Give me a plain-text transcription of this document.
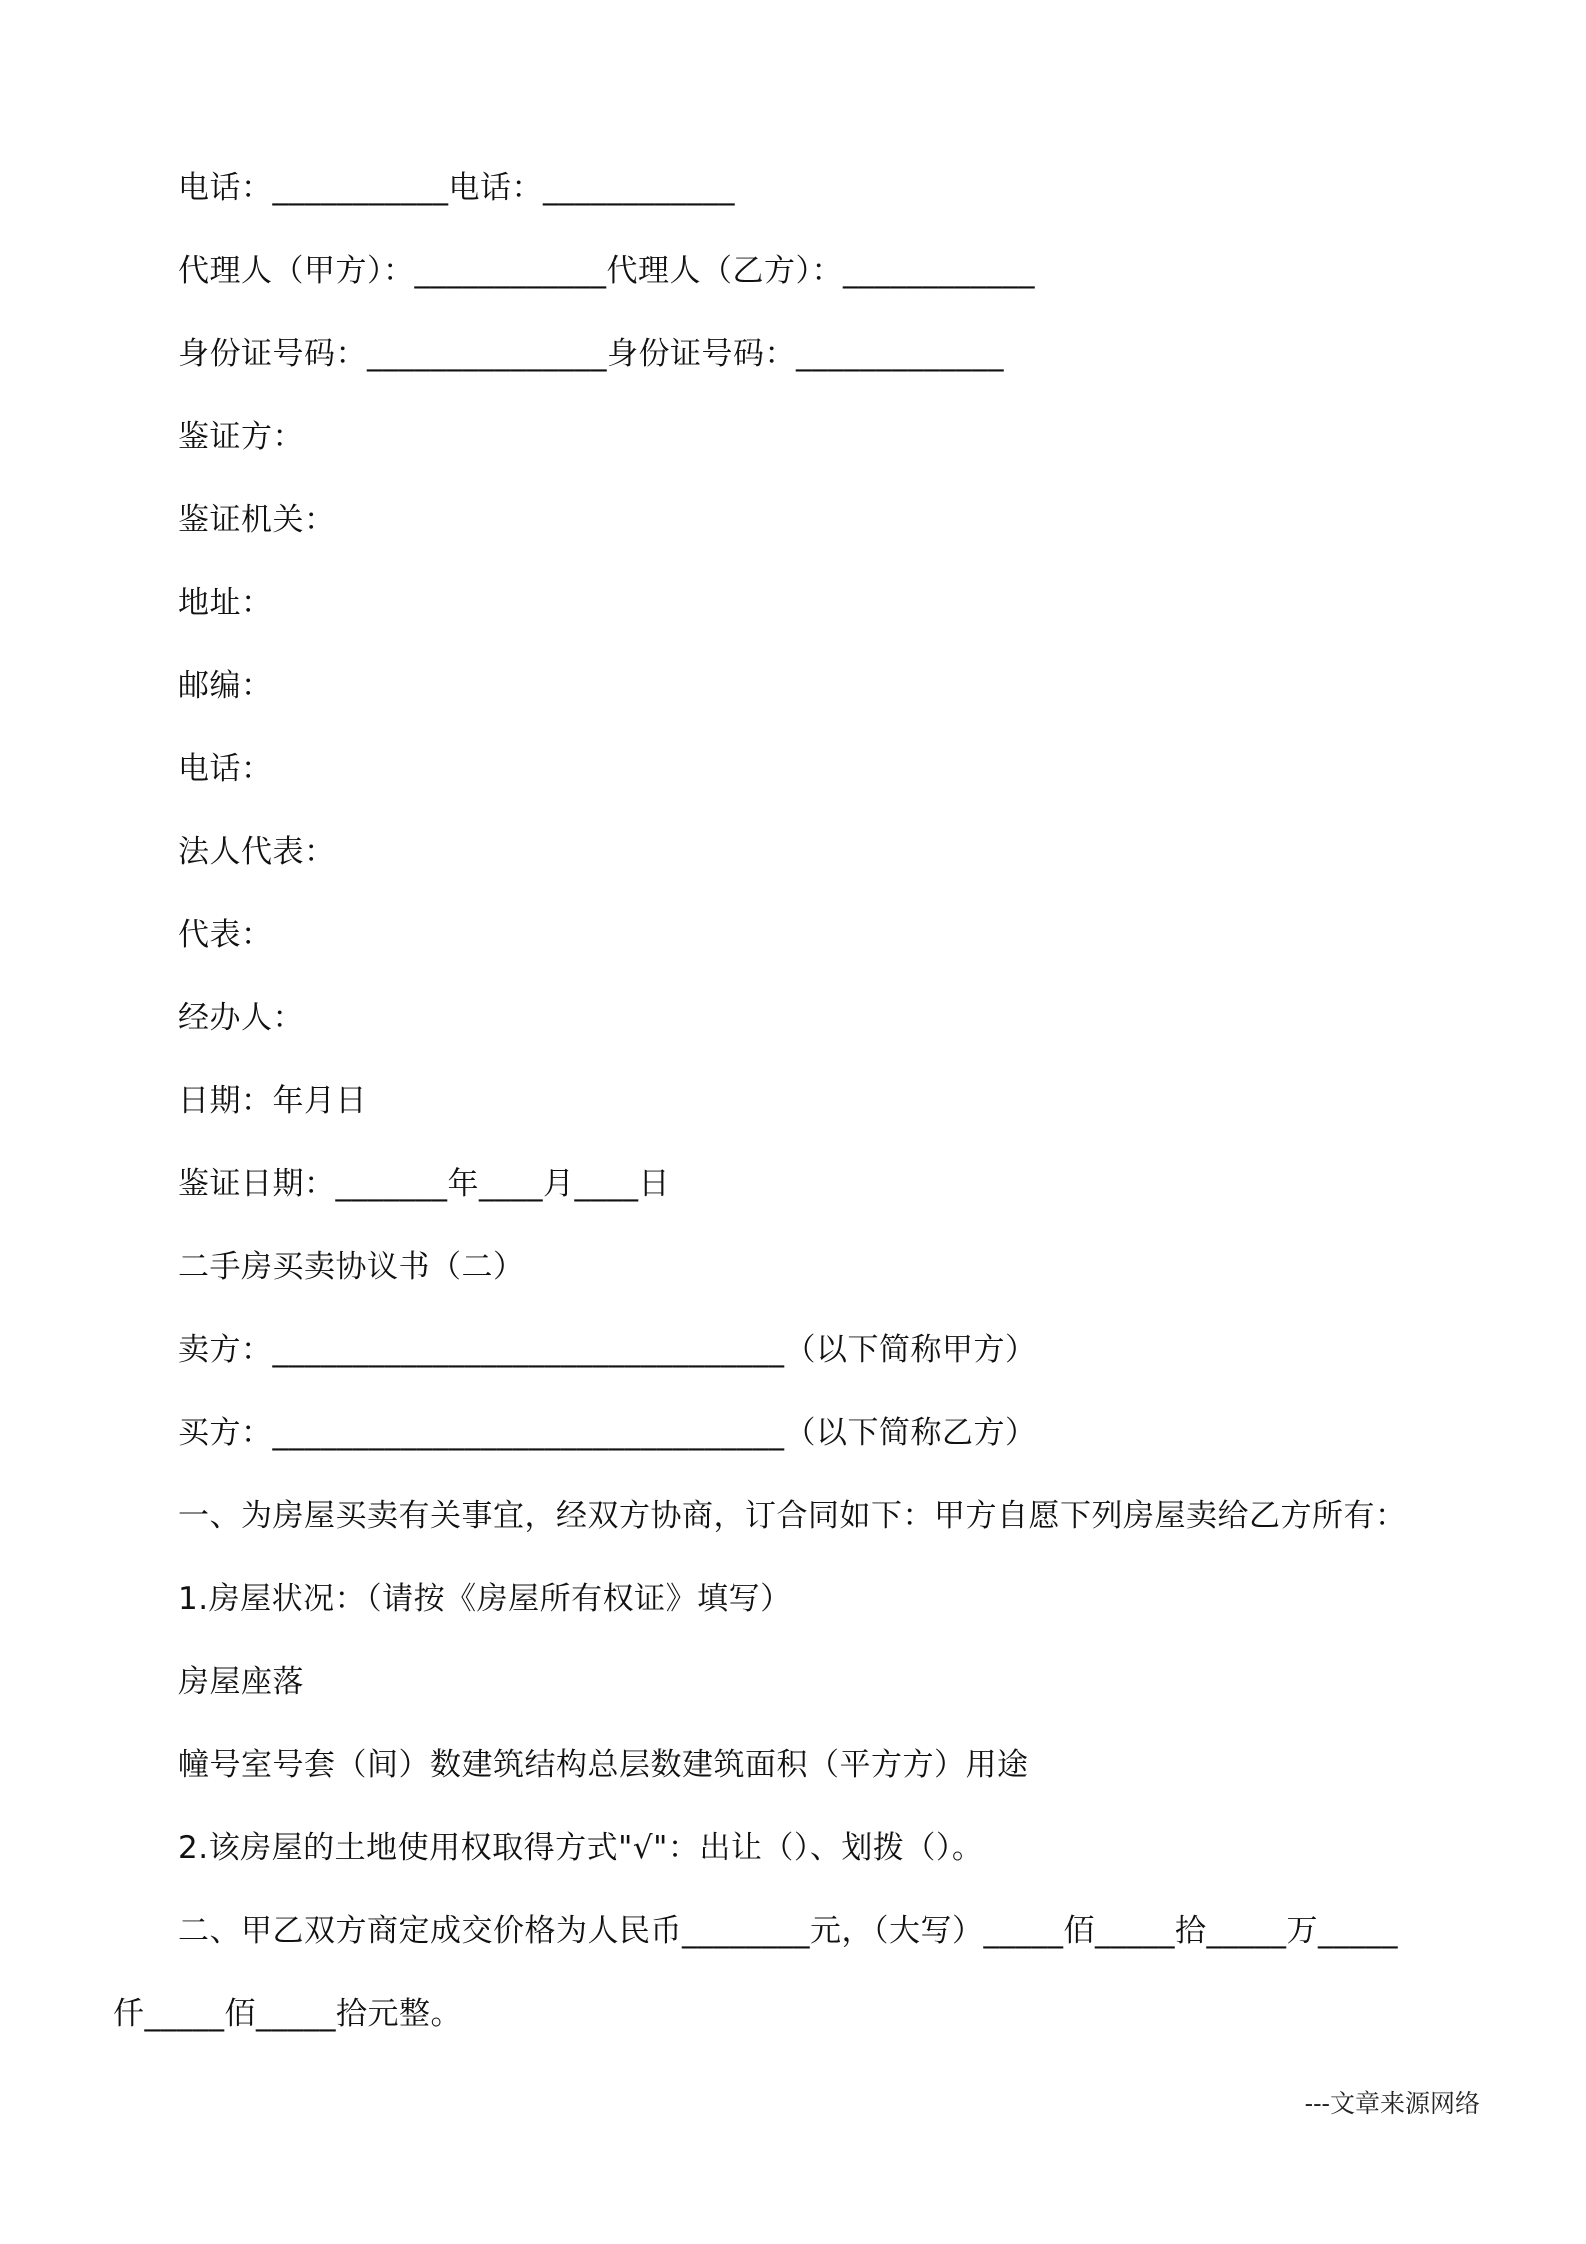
电话：___________电话：____________
代理人（甲方）：____________代理人（乙方）：____________
身份证号码：_______________身份证号码：_____________
鉴证方：
鉴证机关：
地址：
邮编：
电话：
法人代表：
代表：
经办人：
日期：年月日
鉴证日期：_______年____月____日
二手房买卖协议书（二）
卖方：________________________________（以下简称甲方）
买方：________________________________（以下简称乙方）
一、为房屋买卖有关事宜，经双方协商，订合同如下：甲方自愿下列房屋卖给乙方所有：
1.房屋状况：（请按《房屋所有权证》填写）
房屋座落
幢号室号套（间）数建筑结构总层数建筑面积（平方方）用途
2.该房屋的土地使用权取得方式"√"：出让（）、划拨（）。
二、甲乙双方商定成交价格为人民币________元，（大写）_____佰_____拾_____万_____
仟_____佰_____拾元整。
---文章来源网络
